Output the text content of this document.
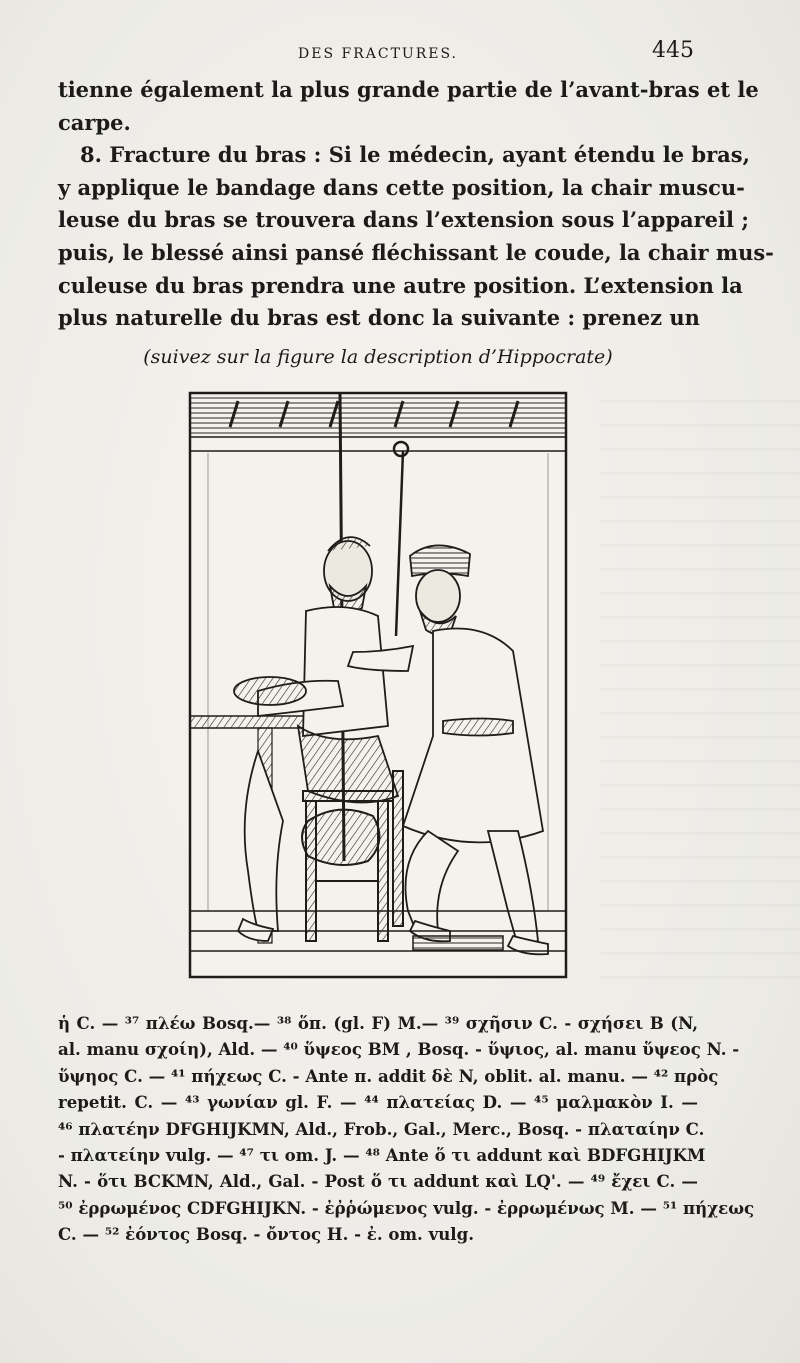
DES FRACTURES.	445
tienne également la plus grande partie de l’avant-bras et le
carpe.
8. Fracture du bras : Si le médecin, ayant étendu le bras,
y applique le bandage dans cette position, la chair muscu-
leuse du bras se trouvera dans l’extension sous l’appareil ;
puis, le blessé ainsi pansé fléchissant le coude, la chair mus-
culeuse du bras prendra une autre position. L’extension la
plus naturelle du bras est donc la suivante : prenez un
(suivez sur la figure la description d’Hippocrate)
ἡ C. — ³⁷ πλέω Bosq.— ³⁸ ὅπ. (gl. F) M.— ³⁹ σχῆσιν C. - σχήσει B (N,
al. manu σχοίη), Ald. — ⁴⁰ ὕψεος BM , Bosq. - ὕψιος, al. manu ὕψεος N. -
ὕψηος C. — ⁴¹ πήχεως C. - Ante π. addit δὲ N, oblit. al. manu. — ⁴² πρὸς
repetit. C. — ⁴³ γωνίαν gl. F. — ⁴⁴ πλατείας D. — ⁴⁵ μαλμακὸν I. —
⁴⁶ πλατέην DFGHIJKMN, Ald., Frob., Gal., Merc., Bosq. - πλαταίην C.
- πλατείην vulg. — ⁴⁷ τι om. J. — ⁴⁸ Ante ὅ τι addunt καὶ BDFGHIJKM
N. - ὅτι BCKMN, Ald., Gal. - Post ὅ τι addunt καὶ LQ'. — ⁴⁹ ἔχει C. —
⁵⁰ ἐρρωμένος CDFGHIJKN. - ἐῤῥώμενος vulg. - ἐρρωμένως M. — ⁵¹ πήχεως
C. — ⁵² ἐόντος Bosq. - ὄντος H. - ἐ. om. vulg.
